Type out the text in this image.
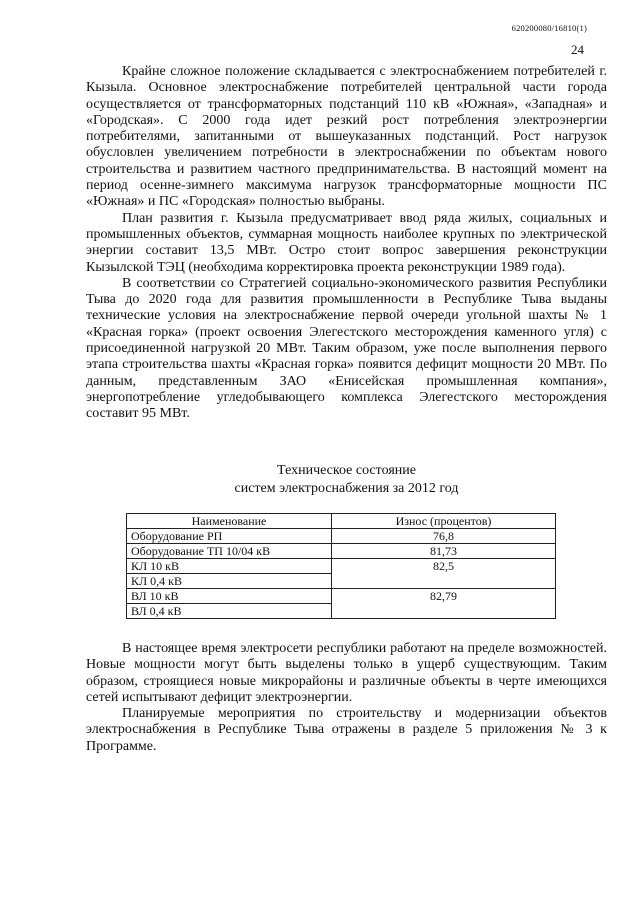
620200080/16810(1)
24

Крайне сложное положение складывается с электроснабжением потребителей г. Кызыла. Основное электроснабжение потребителей центральной части города осуществляется от трансформаторных подстанций 110 кВ «Южная», «Западная» и «Городская». С 2000 года идет резкий рост потребления электроэнергии потребителями, запитанными от вышеуказанных подстанций. Рост нагрузок обусловлен увеличением потребности в электроснабжении по объектам нового строительства и развитием частного предпринимательства. В настоящий момент на период осенне-зимнего максимума нагрузок трансформаторные мощности ПС «Южная» и ПС «Городская» полностью выбраны.

План развития г. Кызыла предусматривает ввод ряда жилых, социальных и промышленных объектов, суммарная мощность наиболее крупных по электрической энергии составит 13,5 МВт. Остро стоит вопрос завершения реконструкции Кызылской ТЭЦ (необходима корректировка проекта реконструкции 1989 года).

В соответствии со Стратегией социально-экономического развития Республики Тыва до 2020 года для развития промышленности в Республике Тыва выданы технические условия на электроснабжение первой очереди угольной шахты № 1 «Красная горка» (проект освоения Элегестского месторождения каменного угля) с присоединенной нагрузкой 20 МВт. Таким образом, уже после выполнения первого этапа строительства шахты «Красная горка» появится дефицит мощности 20 МВт. По данным, представленным ЗАО «Енисейская промышленная компания», энергопотребление угледобывающего комплекса Элегестского месторождения составит 95 МВт.

Техническое состояние
систем электроснабжения за 2012 год
Наименование	Износ (процентов)
Оборудование РП	76,8
Оборудование ТП 10/04 кВ	81,73
КЛ 10 кВ	82,5
КЛ 0,4 кВ	
ВЛ 10 кВ	82,79
ВЛ 0,4 кВ	

В настоящее время электросети республики работают на пределе возможностей. Новые мощности могут быть выделены только в ущерб существующим. Таким образом, строящиеся новые микрорайоны и различные объекты в черте имеющихся сетей испытывают дефицит электроэнергии.

Планируемые мероприятия по строительству и модернизации объектов электроснабжения в Республике Тыва отражены в разделе 5 приложения № 3 к Программе.
